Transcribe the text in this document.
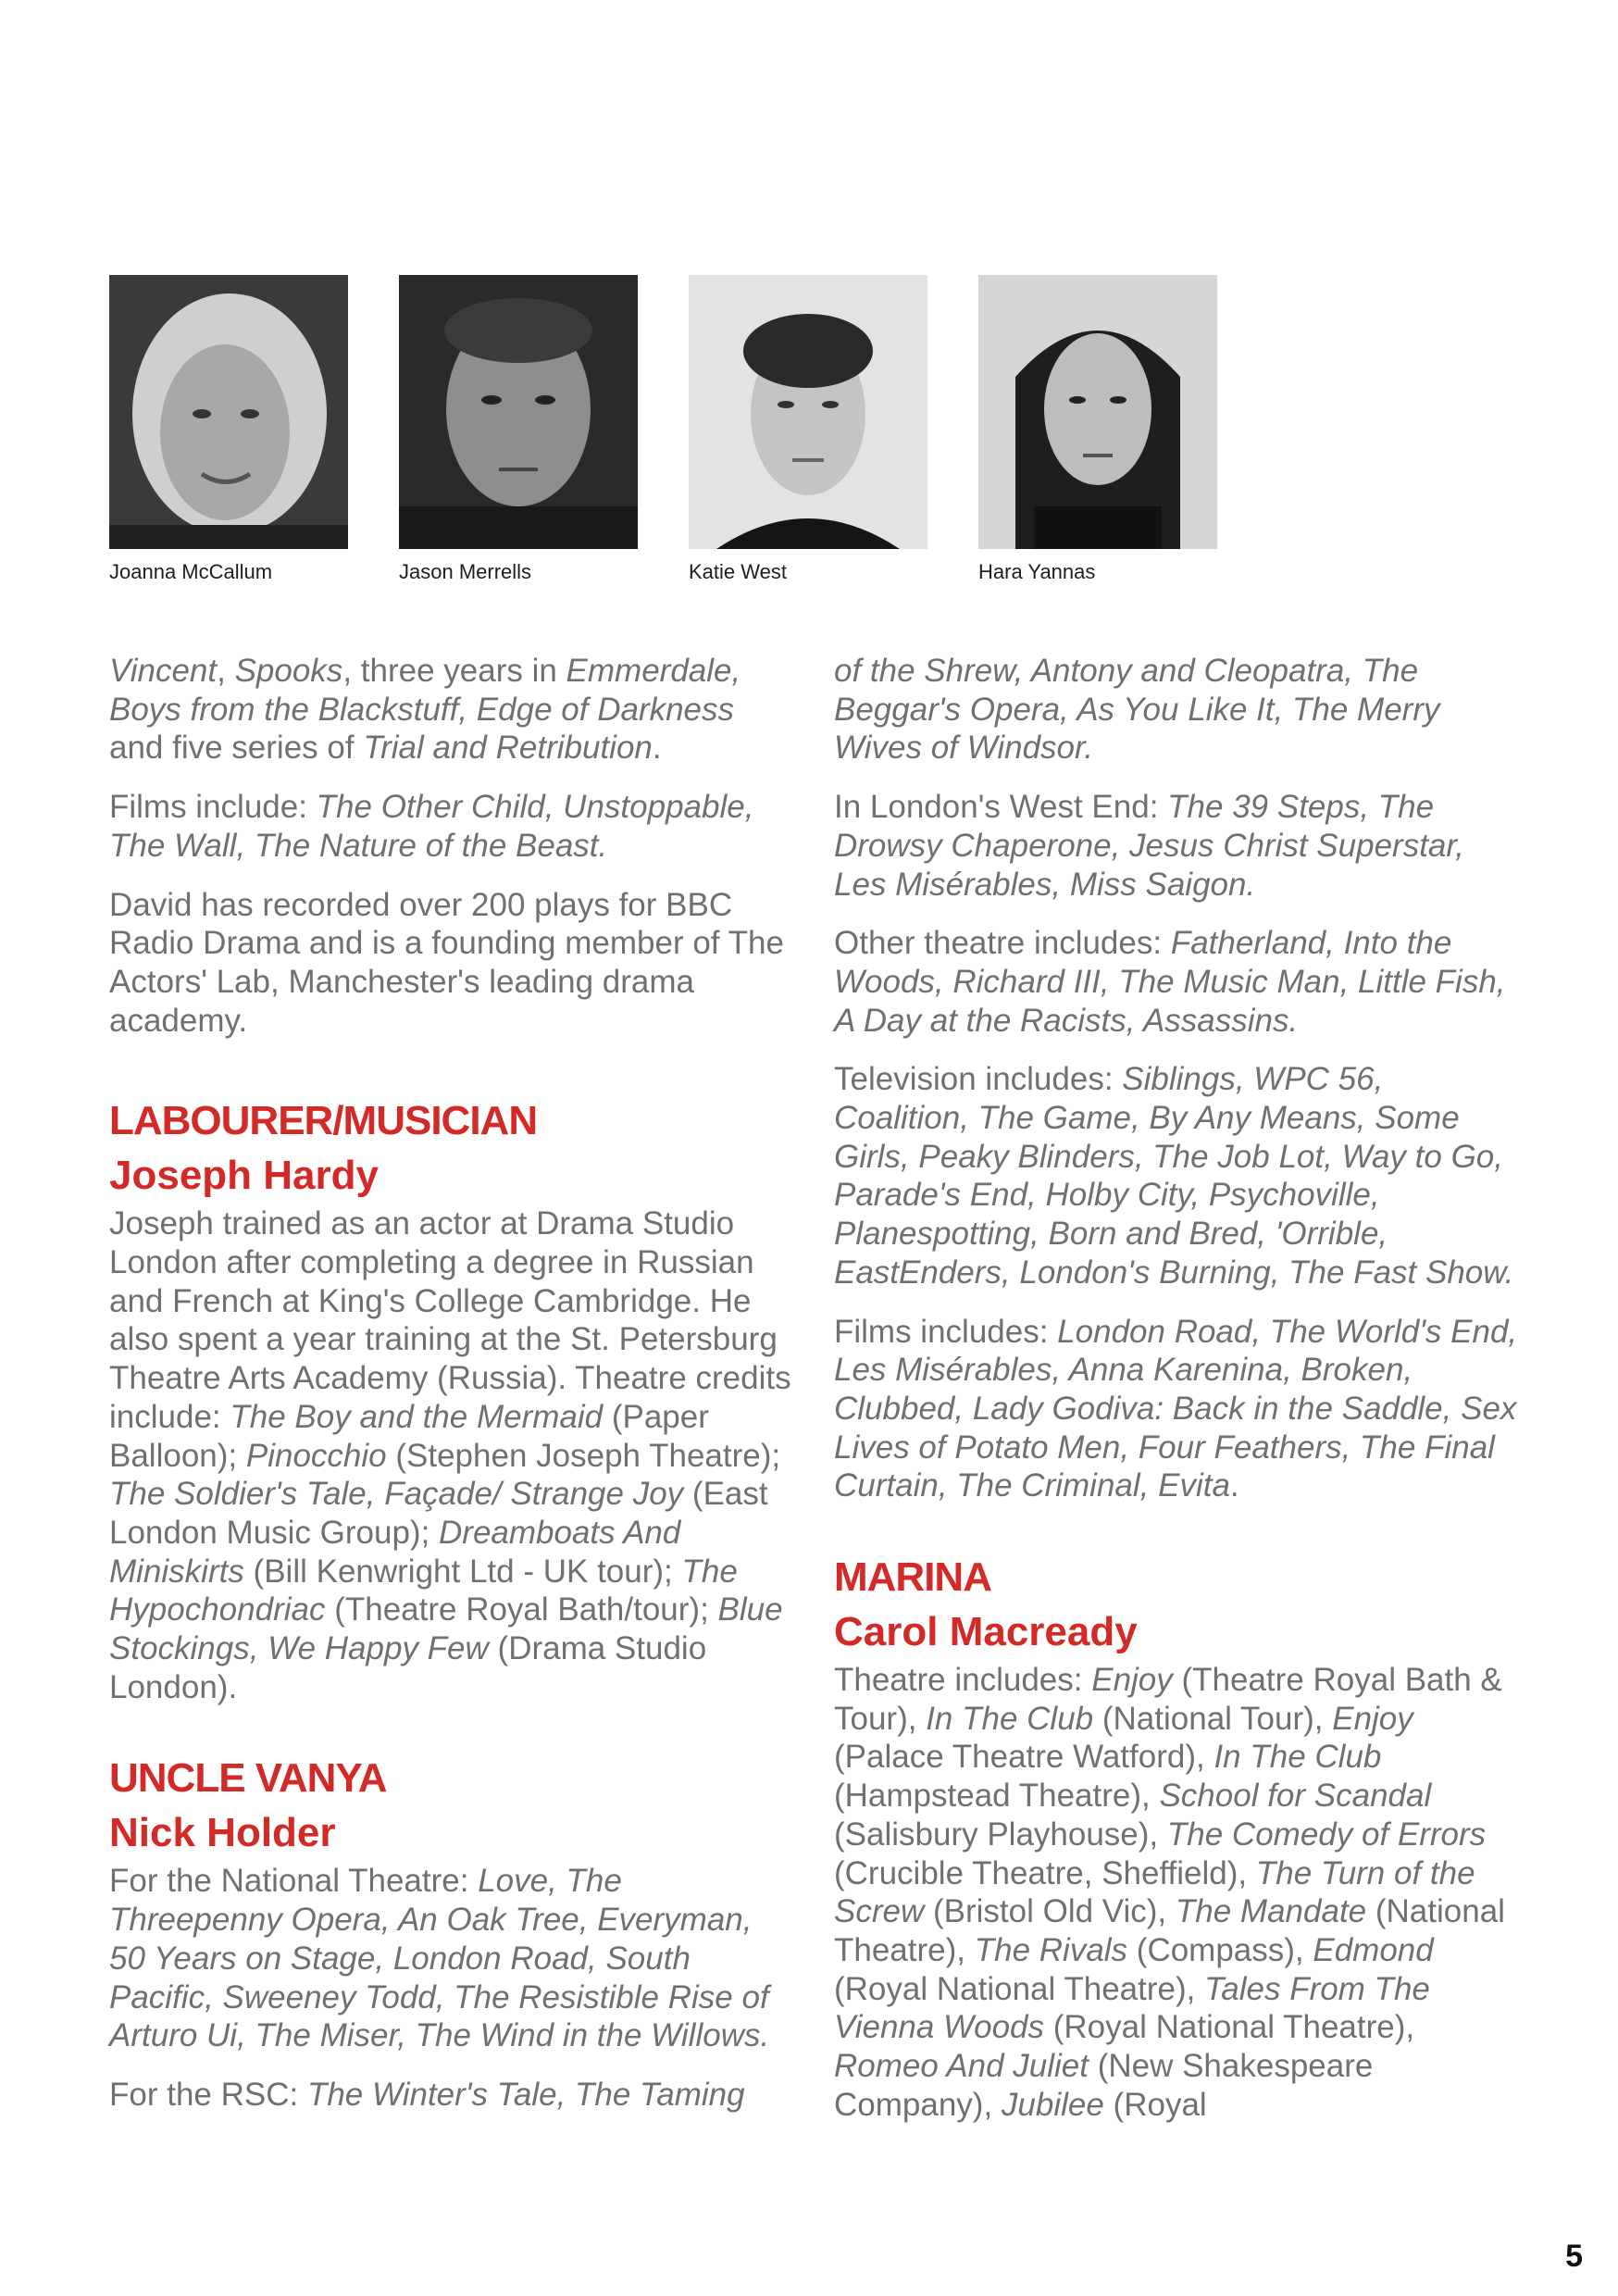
Joanna McCallum	Jason Merrells	Katie West	Hara Yannas

Vincent, Spooks, three years in Emmerdale, Boys from the Blackstuff, Edge of Darkness and five series of Trial and Retribution.

Films include: The Other Child, Unstoppable, The Wall, The Nature of the Beast.

David has recorded over 200 plays for BBC Radio Drama and is a founding member of The Actors' Lab, Manchester's leading drama academy.

LABOURER/MUSICIAN
Joseph Hardy

Joseph trained as an actor at Drama Studio London after completing a degree in Russian and French at King's College Cambridge. He also spent a year training at the St. Petersburg Theatre Arts Academy (Russia). Theatre credits include: The Boy and the Mermaid (Paper Balloon); Pinocchio (Stephen Joseph Theatre); The Soldier's Tale, Façade/ Strange Joy (East London Music Group); Dreamboats And Miniskirts (Bill Kenwright Ltd - UK tour); The Hypochondriac (Theatre Royal Bath/tour); Blue Stockings, We Happy Few (Drama Studio London).

UNCLE VANYA
Nick Holder

For the National Theatre: Love, The Threepenny Opera, An Oak Tree, Everyman, 50 Years on Stage, London Road, South Pacific, Sweeney Todd, The Resistible Rise of Arturo Ui, The Miser, The Wind in the Willows.

For the RSC: The Winter's Tale, The Taming

of the Shrew, Antony and Cleopatra, The Beggar's Opera, As You Like It, The Merry Wives of Windsor.

In London's West End: The 39 Steps, The Drowsy Chaperone, Jesus Christ Superstar, Les Misérables, Miss Saigon.

Other theatre includes: Fatherland, Into the Woods, Richard III, The Music Man, Little Fish, A Day at the Racists, Assassins.

Television includes: Siblings, WPC 56, Coalition, The Game, By Any Means, Some Girls, Peaky Blinders, The Job Lot, Way to Go, Parade's End, Holby City, Psychoville, Planespotting, Born and Bred, 'Orrible, EastEnders, London's Burning, The Fast Show.

Films includes: London Road, The World's End, Les Misérables, Anna Karenina, Broken, Clubbed, Lady Godiva: Back in the Saddle, Sex Lives of Potato Men, Four Feathers, The Final Curtain, The Criminal, Evita.

MARINA
Carol Macready

Theatre includes: Enjoy (Theatre Royal Bath & Tour), In The Club (National Tour), Enjoy (Palace Theatre Watford), In The Club (Hampstead Theatre), School for Scandal (Salisbury Playhouse), The Comedy of Errors (Crucible Theatre, Sheffield), The Turn of the Screw (Bristol Old Vic), The Mandate (National Theatre), The Rivals (Compass), Edmond (Royal National Theatre), Tales From The Vienna Woods (Royal National Theatre), Romeo And Juliet (New Shakespeare Company), Jubilee (Royal

5
